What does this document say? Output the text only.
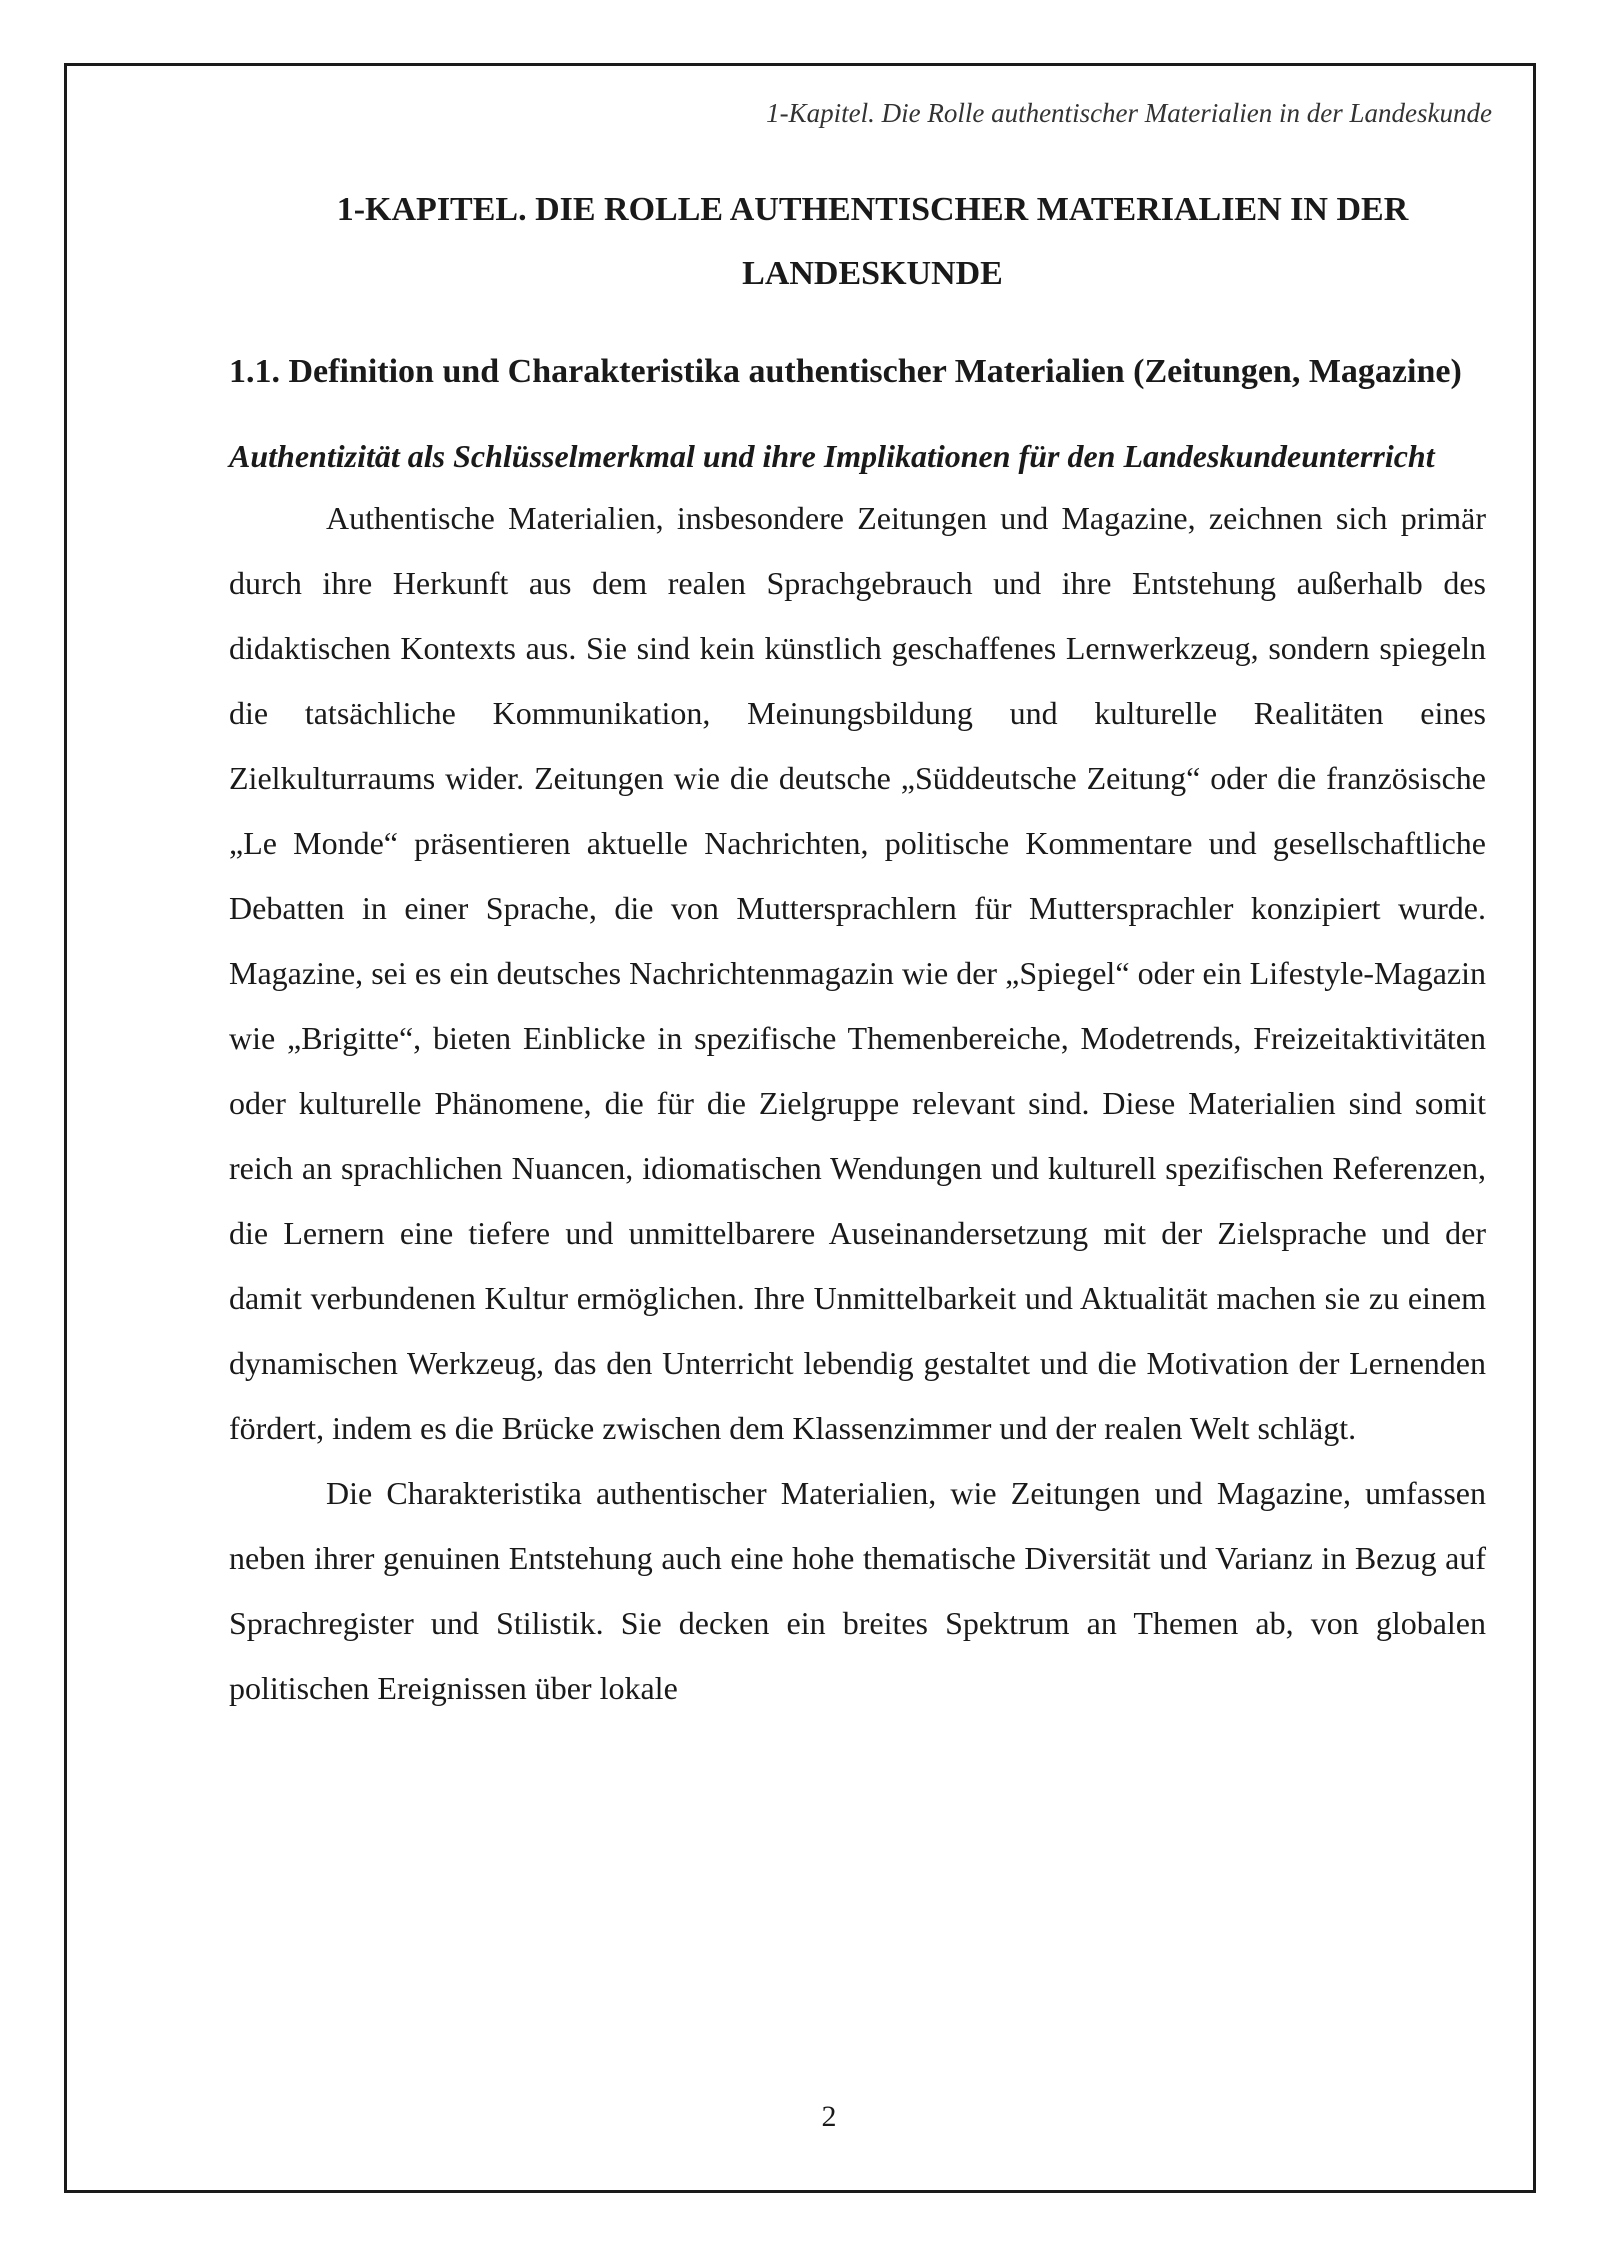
1-Kapitel. Die Rolle authentischer Materialien in der Landeskunde
1-KAPITEL. DIE ROLLE AUTHENTISCHER MATERIALIEN IN DER LANDESKUNDE
1.1. Definition und Charakteristika authentischer Materialien (Zeitungen, Magazine)
Authentizität als Schlüsselmerkmal und ihre Implikationen für den Landeskundeunterricht

Authentische Materialien, insbesondere Zeitungen und Magazine, zeichnen sich primär durch ihre Herkunft aus dem realen Sprachgebrauch und ihre Entstehung außerhalb des didaktischen Kontexts aus. Sie sind kein künstlich geschaffenes Lernwerkzeug, sondern spiegeln die tatsächliche Kommunikation, Meinungsbildung und kulturelle Realitäten eines Zielkulturraums wider. Zeitungen wie die deutsche „Süddeutsche Zeitung“ oder die französische „Le Monde“ präsentieren aktuelle Nachrichten, politische Kommentare und gesellschaftliche Debatten in einer Sprache, die von Muttersprachlern für Muttersprachler konzipiert wurde. Magazine, sei es ein deutsches Nachrichtenmagazin wie der „Spiegel“ oder ein Lifestyle-Magazin wie „Brigitte“, bieten Einblicke in spezifische Themenbereiche, Modetrends, Freizeitaktivitäten oder kulturelle Phänomene, die für die Zielgruppe relevant sind. Diese Materialien sind somit reich an sprachlichen Nuancen, idiomatischen Wendungen und kulturell spezifischen Referenzen, die Lernern eine tiefere und unmittelbarere Auseinandersetzung mit der Zielsprache und der damit verbundenen Kultur ermöglichen. Ihre Unmittelbarkeit und Aktualität machen sie zu einem dynamischen Werkzeug, das den Unterricht lebendig gestaltet und die Motivation der Lernenden fördert, indem es die Brücke zwischen dem Klassenzimmer und der realen Welt schlägt.

Die Charakteristika authentischer Materialien, wie Zeitungen und Magazine, umfassen neben ihrer genuinen Entstehung auch eine hohe thematische Diversität und Varianz in Bezug auf Sprachregister und Stilistik. Sie decken ein breites Spektrum an Themen ab, von globalen politischen Ereignissen über lokale

2
